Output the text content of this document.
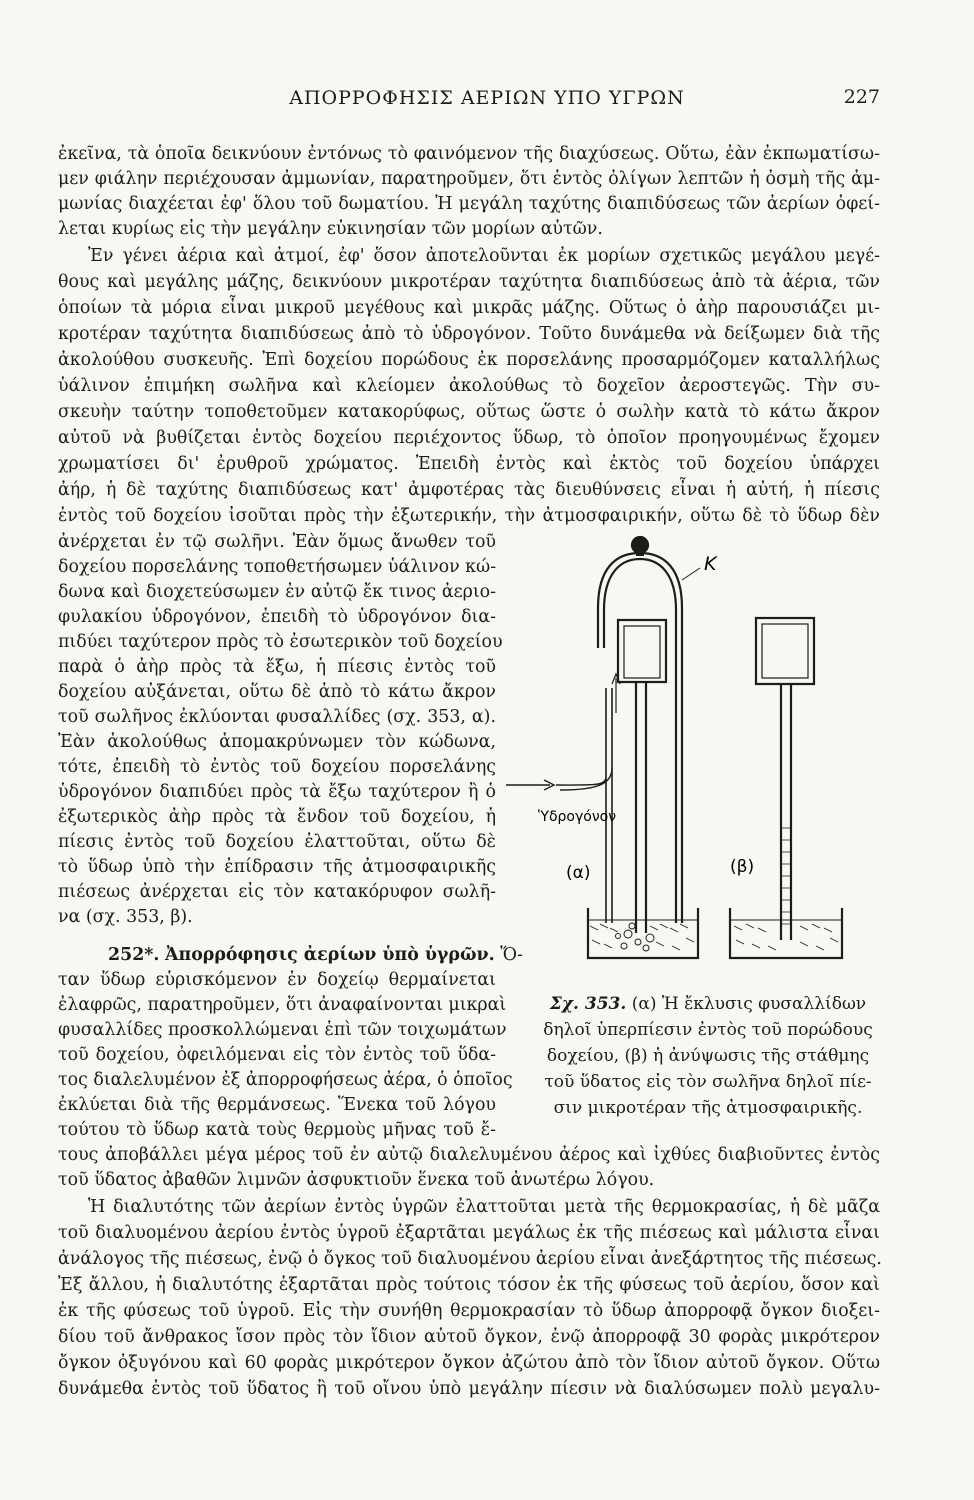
ΑΠΟΡΡΟΦΗΣΙΣ ΑΕΡΙΩΝ ΥΠΟ ΥΓΡΩΝ	227
ἐκεῖνα, τὰ ὁποῖα δεικνύουν ἐντόνως τὸ φαινόμενον τῆς διαχύσεως. Οὕτω, ἐὰν ἐκπωματίσω-
μεν φιάλην περιέχουσαν ἀμμωνίαν, παρατηροῦμεν, ὅτι ἐντὸς ὀλίγων λεπτῶν ἡ ὀσμὴ τῆς ἀμ-
μωνίας διαχέεται ἐφ' ὅλου τοῦ δωματίου. Ἡ μεγάλη ταχύτης διαπιδύσεως τῶν ἀερίων ὀφεί-
λεται κυρίως εἰς τὴν μεγάλην εὐκινησίαν τῶν μορίων αὐτῶν.
Ἐν γένει ἀέρια καὶ ἀτμοί, ἐφ' ὅσον ἀποτελοῦνται ἐκ μορίων σχετικῶς μεγάλου μεγέ-
θους καὶ μεγάλης μάζης, δεικνύουν μικροτέραν ταχύτητα διαπιδύσεως ἀπὸ τὰ ἀέρια, τῶν
ὁποίων τὰ μόρια εἶναι μικροῦ μεγέθους καὶ μικρᾶς μάζης. Οὕτως ὁ ἀὴρ παρουσιάζει μι-
κροτέραν ταχύτητα διαπιδύσεως ἀπὸ τὸ ὑδρογόνον. Τοῦτο δυνάμεθα νὰ δείξωμεν διὰ τῆς
ἀκολούθου συσκευῆς. Ἐπὶ δοχείου πορώδους ἐκ πορσελάνης προσαρμόζομεν καταλλήλως
ὑάλινον ἐπιμήκη σωλῆνα καὶ κλείομεν ἀκολούθως τὸ δοχεῖον ἀεροστεγῶς. Τὴν συ-
σκευὴν ταύτην τοποθετοῦμεν κατακορύφως, οὕτως ὥστε ὁ σωλὴν κατὰ τὸ κάτω ἄκρον
αὐτοῦ νὰ βυθίζεται ἐντὸς δοχείου περιέχοντος ὕδωρ, τὸ ὁποῖον προηγουμένως ἔχομεν
χρωματίσει δι' ἐρυθροῦ χρώματος. Ἐπειδὴ ἐντὸς καὶ ἐκτὸς τοῦ δοχείου ὑπάρχει
ἀήρ, ἡ δὲ ταχύτης διαπιδύσεως κατ' ἀμφοτέρας τὰς διευθύνσεις εἶναι ἡ αὐτή, ἡ πίεσις
ἐντὸς τοῦ δοχείου ἰσοῦται πρὸς τὴν ἐξωτερικήν, τὴν ἀτμοσφαιρικήν, οὕτω δὲ τὸ ὕδωρ δὲν
ἀνέρχεται ἐν τῷ σωλῆνι. Ἐὰν ὅμως ἄνωθεν τοῦ
δοχείου πορσελάνης τοποθετήσωμεν ὑάλινον κώ-
δωνα καὶ διοχετεύσωμεν ἐν αὐτῷ ἔκ τινος ἀεριο-
φυλακίου ὑδρογόνον, ἐπειδὴ τὸ ὑδρογόνον δια-
πιδύει ταχύτερον πρὸς τὸ ἐσωτερικὸν τοῦ δοχείου
παρὰ ὁ ἀὴρ πρὸς τὰ ἔξω, ἡ πίεσις ἐντὸς τοῦ
δοχείου αὐξάνεται, οὕτω δὲ ἀπὸ τὸ κάτω ἄκρον
τοῦ σωλῆνος ἐκλύονται φυσαλλίδες (σχ. 353, α).
Ἐὰν ἀκολούθως ἀπομακρύνωμεν τὸν κώδωνα,
τότε, ἐπειδὴ τὸ ἐντὸς τοῦ δοχείου πορσελάνης
ὑδρογόνον διαπιδύει πρὸς τὰ ἔξω ταχύτερον ἢ ὁ
ἐξωτερικὸς ἀὴρ πρὸς τὰ ἔνδον τοῦ δοχείου, ἡ
πίεσις ἐντὸς τοῦ δοχείου ἐλαττοῦται, οὕτω δὲ
τὸ ὕδωρ ὑπὸ τὴν ἐπίδρασιν τῆς ἀτμοσφαιρικῆς
πιέσεως ἀνέρχεται εἰς τὸν κατακόρυφον σωλῆ-
να (σχ. 353, β).
252*. Ἀπορρόφησις ἀερίων ὑπὸ ὑγρῶν. Ὅ-
ταν ὕδωρ εὑρισκόμενον ἐν δοχείῳ θερμαίνεται
ἐλαφρῶς, παρατηροῦμεν, ὅτι ἀναφαίνονται μικραὶ
φυσαλλίδες προσκολλώμεναι ἐπὶ τῶν τοιχωμάτων
τοῦ δοχείου, ὀφειλόμεναι εἰς τὸν ἐντὸς τοῦ ὕδα-
τος διαλελυμένον ἐξ ἀπορροφήσεως ἀέρα, ὁ ὁποῖος
ἐκλύεται διὰ τῆς θερμάνσεως. Ἕνεκα τοῦ λόγου
τούτου τὸ ὕδωρ κατὰ τοὺς θερμοὺς μῆνας τοῦ ἔ-
τους ἀποβάλλει μέγα μέρος τοῦ ἐν αὐτῷ διαλελυμένου ἀέρος καὶ ἰχθύες διαβιοῦντες ἐντὸς
τοῦ ὕδατος ἀβαθῶν λιμνῶν ἀσφυκτιοῦν ἕνεκα τοῦ ἀνωτέρω λόγου.
Ἡ διαλυτότης τῶν ἀερίων ἐντὸς ὑγρῶν ἐλαττοῦται μετὰ τῆς θερμοκρασίας, ἡ δὲ μᾶζα
τοῦ διαλυομένου ἀερίου ἐντὸς ὑγροῦ ἐξαρτᾶται μεγάλως ἐκ τῆς πιέσεως καὶ μάλιστα εἶναι
ἀνάλογος τῆς πιέσεως, ἐνῷ ὁ ὄγκος τοῦ διαλυομένου ἀερίου εἶναι ἀνεξάρτητος τῆς πιέσεως.
Ἐξ ἄλλου, ἡ διαλυτότης ἐξαρτᾶται πρὸς τούτοις τόσον ἐκ τῆς φύσεως τοῦ ἀερίου, ὅσον καὶ
ἐκ τῆς φύσεως τοῦ ὑγροῦ. Εἰς τὴν συνήθη θερμοκρασίαν τὸ ὕδωρ ἀπορροφᾷ ὄγκον διοξει-
δίου τοῦ ἄνθρακος ἴσον πρὸς τὸν ἴδιον αὐτοῦ ὄγκον, ἐνῷ ἀπορροφᾷ 30 φορὰς μικρότερον
ὄγκον ὀξυγόνου καὶ 60 φορὰς μικρότερον ὄγκον ἀζώτου ἀπὸ τὸν ἴδιον αὐτοῦ ὄγκον. Οὕτω
δυνάμεθα ἐντὸς τοῦ ὕδατος ἢ τοῦ οἴνου ὑπὸ μεγάλην πίεσιν νὰ διαλύσωμεν πολὺ μεγαλυ-
K
Ὑδρογόνον
(α)	(β)
Σχ. 353. (α) Ἡ ἔκλυσις φυσαλλίδων
δηλοῖ ὑπερπίεσιν ἐντὸς τοῦ πορώδους
δοχείου, (β) ἡ ἀνύψωσις τῆς στάθμης
τοῦ ὕδατος εἰς τὸν σωλῆνα δηλοῖ πίε-
σιν μικροτέραν τῆς ἀτμοσφαιρικῆς.
